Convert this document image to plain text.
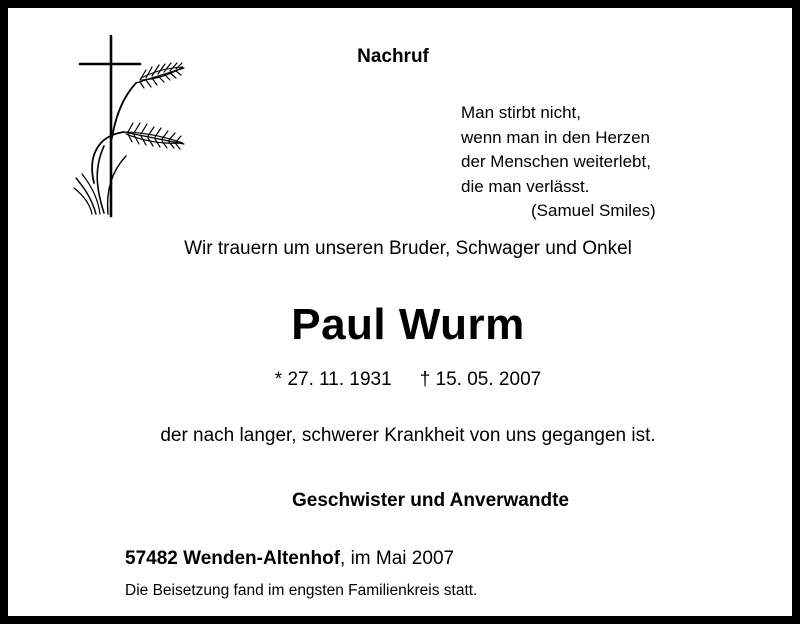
Nachruf
Man stirbt nicht,
wenn man in den Herzen
der Menschen weiterlebt,
die man verlässt.
(Samuel Smiles)
Wir trauern um unseren Bruder, Schwager und Onkel
Paul Wurm
* 27. 11. 1931 † 15. 05. 2007
der nach langer, schwerer Krankheit von uns gegangen ist.
Geschwister und Anverwandte
57482 Wenden-Altenhof, im Mai 2007
Die Beisetzung fand im engsten Familienkreis statt.
